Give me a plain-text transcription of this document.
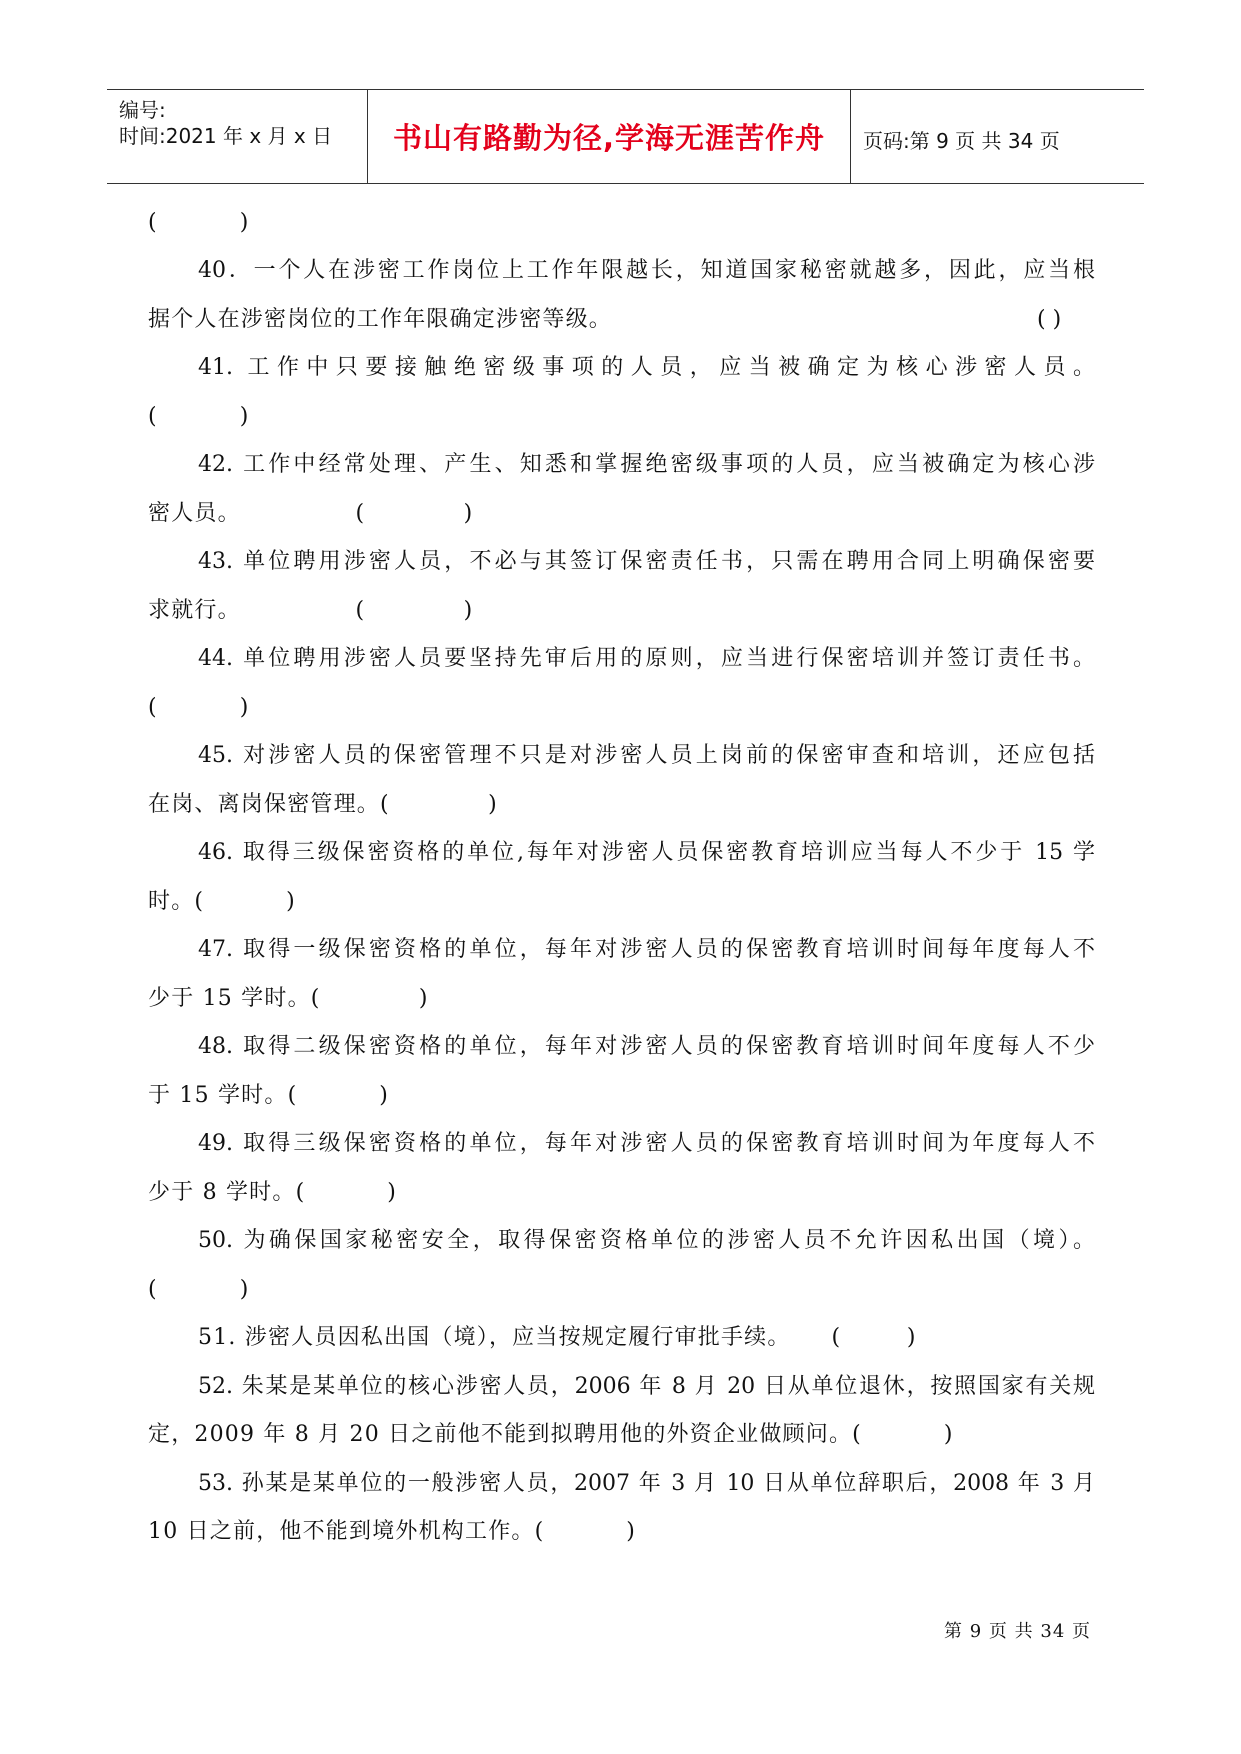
编号:
时间:2021 年 x 月 x 日	书山有路勤为径,学海无涯苦作舟	页码:第 9 页 共 34 页
(          )
40．一个人在涉密工作岗位上工作年限越长，知道国家秘密就越多，因此，应当根
据个人在涉密岗位的工作年限确定涉密等级。	( )
41. 工作中只要接触绝密级事项的人员，应当被确定为核心涉密人员。
(          )
42. 工作中经常处理、产生、知悉和掌握绝密级事项的人员，应当被确定为核心涉
密人员。              (            )
43. 单位聘用涉密人员，不必与其签订保密责任书，只需在聘用合同上明确保密要
求就行。              (            )
44. 单位聘用涉密人员要坚持先审后用的原则，应当进行保密培训并签订责任书。
(          )
45. 对涉密人员的保密管理不只是对涉密人员上岗前的保密审查和培训，还应包括
在岗、离岗保密管理。(            )
46. 取得三级保密资格的单位,每年对涉密人员保密教育培训应当每人不少于 15 学
时。(          )
47. 取得一级保密资格的单位，每年对涉密人员的保密教育培训时间每年度每人不
少于 15 学时。(            )
48. 取得二级保密资格的单位，每年对涉密人员的保密教育培训时间年度每人不少
于 15 学时。(          )
49. 取得三级保密资格的单位，每年对涉密人员的保密教育培训时间为年度每人不
少于 8 学时。(          )
50. 为确保国家秘密安全，取得保密资格单位的涉密人员不允许因私出国（境）。
(          )
51. 涉密人员因私出国（境），应当按规定履行审批手续。     (        )
52. 朱某是某单位的核心涉密人员，2006 年 8 月 20 日从单位退休，按照国家有关规
定，2009 年 8 月 20 日之前他不能到拟聘用他的外资企业做顾问。(          )
53. 孙某是某单位的一般涉密人员，2007 年 3 月 10 日从单位辞职后，2008 年 3 月
10 日之前，他不能到境外机构工作。(          )
第 9 页 共 34 页
